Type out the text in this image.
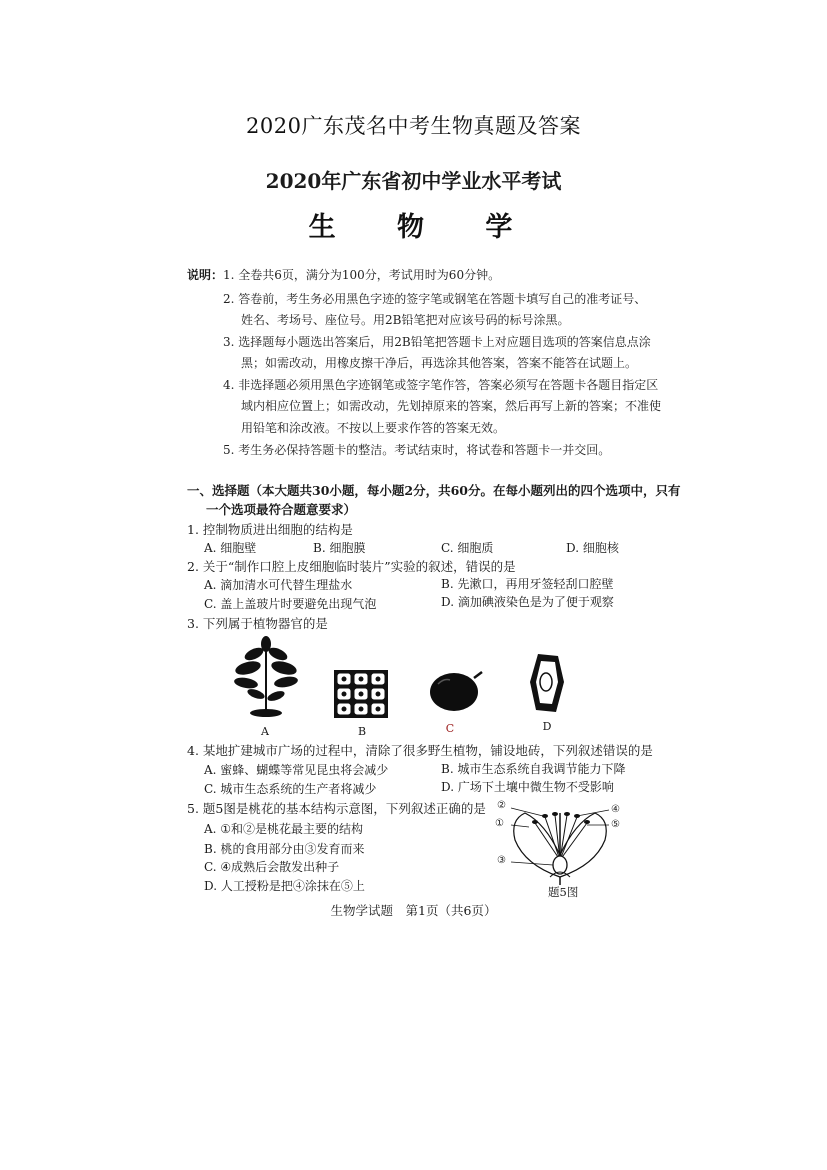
2020广东茂名中考生物真题及答案
2020年广东省初中学业水平考试
生 物 学
说明： 1. 全卷共6页，满分为100分，考试用时为60分钟。
2. 答卷前，考生务必用黑色字迹的签字笔或钢笔在答题卡填写自己的准考证号、
姓名、考场号、座位号。用2B铅笔把对应该号码的标号涂黑。
3. 选择题每小题选出答案后，用2B铅笔把答题卡上对应题目选项的答案信息点涂
黑；如需改动，用橡皮擦干净后，再选涂其他答案，答案不能答在试题上。
4. 非选择题必须用黑色字迹钢笔或签字笔作答，答案必须写在答题卡各题目指定区
域内相应位置上；如需改动，先划掉原来的答案，然后再写上新的答案；不准使
用铅笔和涂改液。不按以上要求作答的答案无效。
5. 考生务必保持答题卡的整洁。考试结束时，将试卷和答题卡一并交回。
一、选择题（本大题共30小题，每小题2分，共60分。在每小题列出的四个选项中，只有
一个选项最符合题意要求）
1. 控制物质进出细胞的结构是
A. 细胞壁	B. 细胞膜	C. 细胞质	D. 细胞核
2. 关于“制作口腔上皮细胞临时装片”实验的叙述，错误的是
A. 滴加清水可代替生理盐水	B. 先漱口，再用牙签轻刮口腔壁
C. 盖上盖玻片时要避免出现气泡	D. 滴加碘液染色是为了便于观察
3. 下列属于植物器官的是
A	B	C	D
4. 某地扩建城市广场的过程中，清除了很多野生植物，铺设地砖，下列叙述错误的是
A. 蜜蜂、蝴蝶等常见昆虫将会减少	B. 城市生态系统自我调节能力下降
C. 城市生态系统的生产者将减少	D. 广场下土壤中微生物不受影响
5. 题5图是桃花的基本结构示意图，下列叙述正确的是
A. ①和②是桃花最主要的结构
B. 桃的食用部分由③发育而来
C. ④成熟后会散发出种子
D. 人工授粉是把④涂抹在⑤上
②
①
③
④
⑤
题5图
生物学试题　第1页（共6页）
